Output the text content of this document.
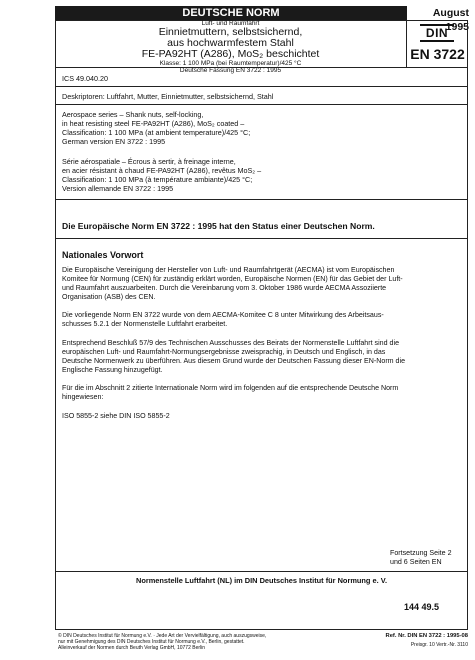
DEUTSCHE NORM	August 1995
Luft- und Raumfahrt
Einnietmuttern, selbstsichernd,
aus hochwarmfestem Stahl
FE-PA92HT (A286), MoS₂ beschichtet
Klasse: 1 100 MPa (bei Raumtemperatur)/425 °C
Deutsche Fassung EN 3722 : 1995
DIN
EN 3722
ICS 49.040.20
Deskriptoren: Luftfahrt, Mutter, Einnietmutter, selbstsichernd, Stahl
Aerospace series – Shank nuts, self-locking,
in heat resisting steel FE-PA92HT (A286), MoS₂ coated –
Classification: 1 100 MPa (at ambient temperature)/425 °C;
German version EN 3722 : 1995
Série aérospatiale – Écrous à sertir, à freinage interne,
en acier résistant à chaud FE-PA92HT (A286), revêtus MoS₂ –
Classification: 1 100 MPa (à température ambiante)/425 °C;
Version allemande EN 3722 : 1995
Die Europäische Norm EN 3722 : 1995 hat den Status einer Deutschen Norm.
Nationales Vorwort
Die Europäische Vereinigung der Hersteller von Luft- und Raumfahrtgerät (AECMA) ist vom Europäischen
Komitee für Normung (CEN) für zuständig erklärt worden, Europäische Normen (EN) für das Gebiet der Luft-
und Raumfahrt auszuarbeiten. Durch die Vereinbarung vom 3. Oktober 1986 wurde AECMA Assoziierte
Organisation (ASB) des CEN.
Die vorliegende Norm EN 3722 wurde von dem AECMA-Komitee C 8 unter Mitwirkung des Arbeitsaus-
schusses 5.2.1 der Normenstelle Luftfahrt erarbeitet.
Entsprechend Beschluß 57/9 des Technischen Ausschusses des Beirats der Normenstelle Luftfahrt sind die
europäischen Luft- und Raumfahrt-Normungsergebnisse zweisprachig, in Deutsch und Englisch, in das
Deutsche Normenwerk zu überführen. Aus diesem Grund wurde der Deutschen Fassung dieser EN-Norm die
Englische Fassung hinzugefügt.
Für die im Abschnitt 2 zitierte Internationale Norm wird im folgenden auf die entsprechende Deutsche Norm
hingewiesen:
ISO 5855-2 siehe DIN ISO 5855-2
Fortsetzung Seite 2
und 6 Seiten EN
Normenstelle Luftfahrt (NL) im DIN Deutsches Institut für Normung e. V.
144 49.5
© DIN Deutsches Institut für Normung e.V. · Jede Art der Vervielfältigung, auch auszugsweise,
nur mit Genehmigung des DIN Deutsches Institut für Normung e.V., Berlin, gestattet.
Alleinverkauf der Normen durch Beuth Verlag GmbH, 10772 Berlin
Ref. Nr. DIN EN 3722 : 1995-08
Preisgr. 10 Vertr.-Nr. 3110
